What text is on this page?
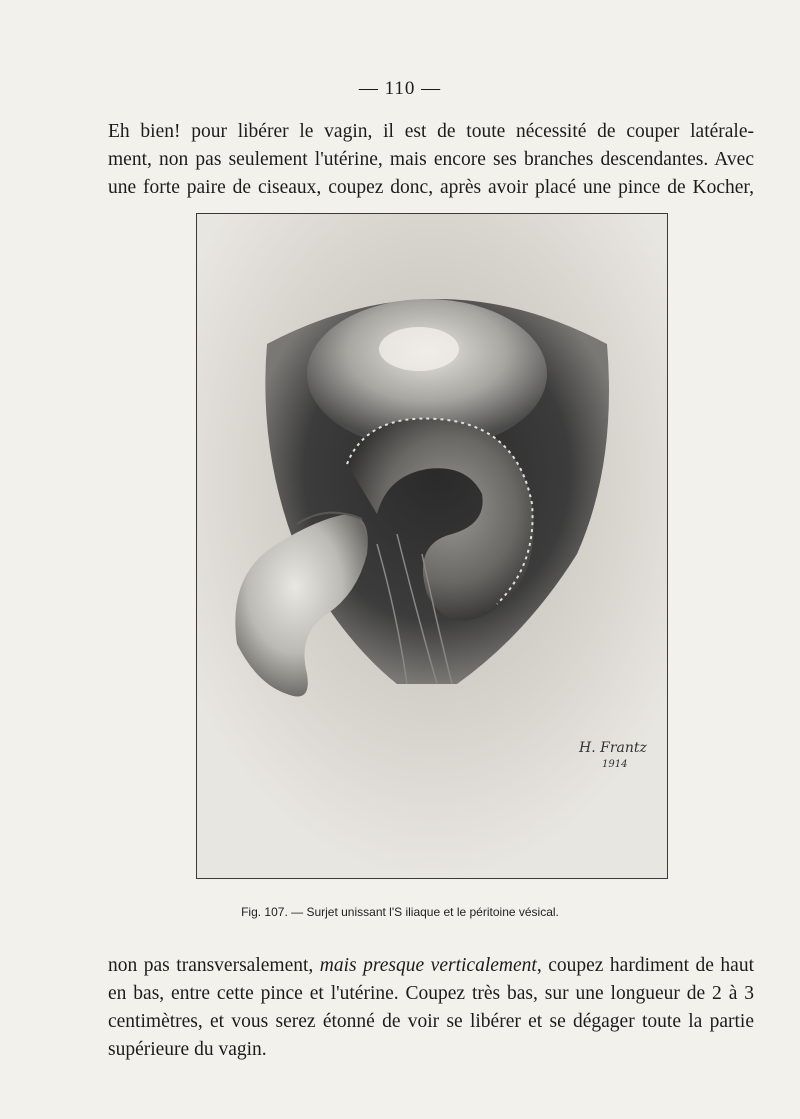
— 110 —
Eh bien! pour libérer le vagin, il est de toute nécessité de couper latérale-
ment, non pas seulement l'utérine, mais encore ses branches descendantes. Avec
une forte paire de ciseaux, coupez donc, après avoir placé une pince de Kocher,
H. Frantz
1914
Fig. 107. — Surjet unissant l'S iliaque et le péritoine vésical.
non pas transversalement, mais presque verticalement, coupez hardiment de haut en bas, entre cette pince et l'utérine. Coupez très bas, sur une longueur de 2 à 3 centimètres, et vous serez étonné de voir se libérer et se dégager toute la partie supérieure du vagin.
